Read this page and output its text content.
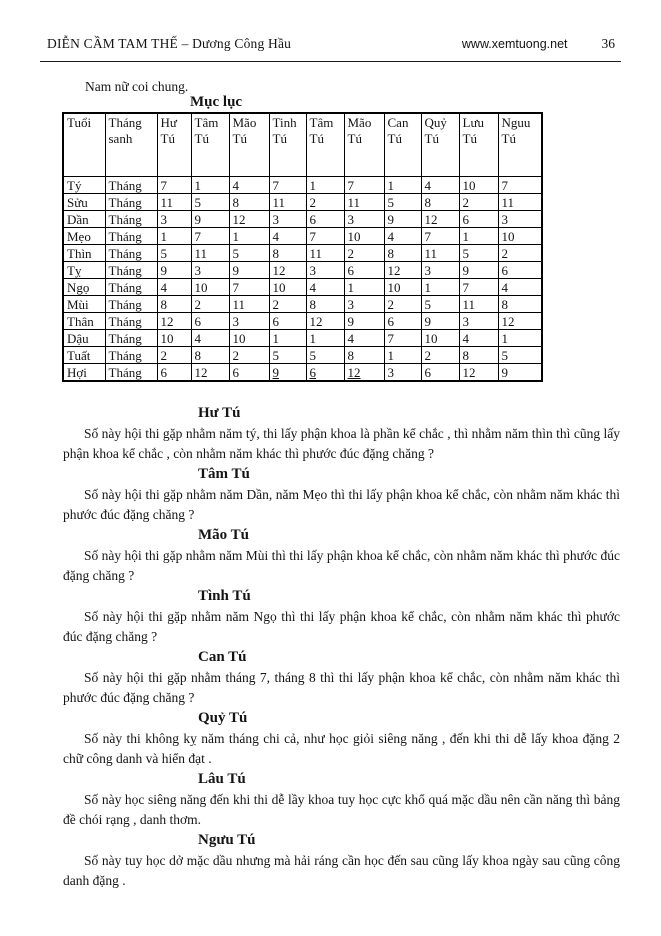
DIỄN CẦM TAM THẾ – Dương Công Hầu	www.xemtuong.net	36
Nam nữ coi chung.
Mục lục
Tuổi	Tháng sanh	Hư Tú	Tâm Tú	Mão Tú	Tinh Tú	Tâm Tú	Mão Tú	Can Tú	Quỷ Tú	Lưu Tú	Nguu Tú
Tý	Tháng	7	1	4	7	1	7	1	4	10	7
Sửu	Tháng	11	5	8	11	2	11	5	8	2	11
Dần	Tháng	3	9	12	3	6	3	9	12	6	3
Mẹo	Tháng	1	7	1	4	7	10	4	7	1	10
Thìn	Tháng	5	11	5	8	11	2	8	11	5	2
Tỵ	Tháng	9	3	9	12	3	6	12	3	9	6
Ngọ	Tháng	4	10	7	10	4	1	10	1	7	4
Mùi	Tháng	8	2	11	2	8	3	2	5	11	8
Thân	Tháng	12	6	3	6	12	9	6	9	3	12
Dậu	Tháng	10	4	10	1	1	4	7	10	4	1
Tuất	Tháng	2	8	2	5	5	8	1	2	8	5
Hợi	Tháng	6	12	6	9	6	12	3	6	12	9
Hư Tú

Số này hội thi gặp nhằm năm tý, thi lấy phận khoa là phần kể chắc , thì nhằm năm thìn thì cũng lấy phận khoa kể chắc , còn nhằm năm khác thì phước đúc đặng chăng ?

Tâm Tú

Số này hội thi gặp nhằm năm Dần, năm Mẹo thì thi lấy phận khoa kể chắc, còn nhằm năm khác thì phước đúc đặng chăng ?

Mão Tú

Số này hội thi gặp nhằm năm Mùi thì thi lấy phận khoa kể chắc, còn nhằm năm khác thì phước đúc đặng chăng ?

Tình Tú

Số này hội thi gặp nhằm năm Ngọ thì thi lấy phận khoa kể chắc, còn nhằm năm khác thì phước đúc đặng chăng ?

Can Tú

Số này hội thi gặp nhằm tháng 7, tháng 8 thì thi lấy phận khoa kể chắc, còn nhằm năm khác thì phước đúc đặng chăng ?

Quỷ Tú

Số này thi không kỵ năm tháng chi cả, như học giỏi siêng năng , đến khi thi dễ lấy khoa đặng 2 chữ công danh và hiển đạt .

Lâu Tú

Số này học siêng năng đến khi thi dễ lầy khoa tuy học cực khổ quá mặc dầu nên cần năng thì bảng đề chói rạng , danh thơm.

Ngưu Tú

Số này tuy học dở mặc dầu nhưng mà hải ráng cần học đến sau cũng lấy khoa ngày sau cũng công danh đặng .
